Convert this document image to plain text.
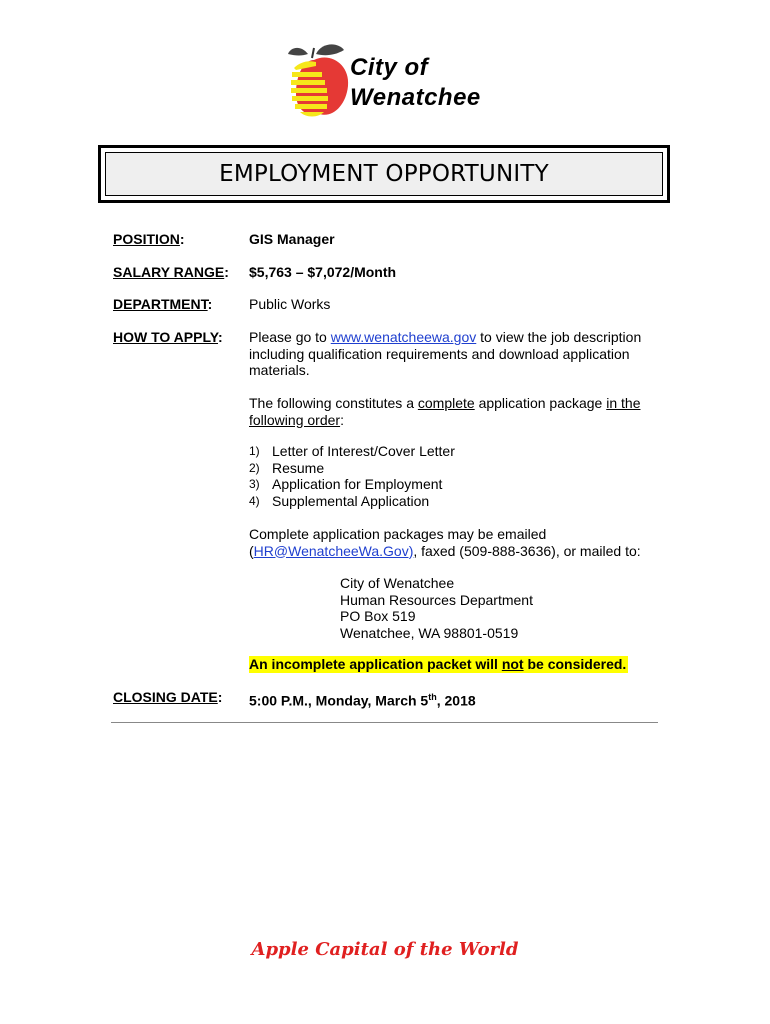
City of
Wenatchee
EMPLOYMENT OPPORTUNITY
POSITION:	GIS Manager
SALARY RANGE: $5,763 – $7,072/Month
DEPARTMENT:	Public Works
HOW TO APPLY: Please go to www.wenatcheewa.gov to view the job description
including qualification requirements and download application
materials.
The following constitutes a complete application package in the
following order:
1) Letter of Interest/Cover Letter
2) Resume
3) Application for Employment
4) Supplemental Application
Complete application packages may be emailed
(HR@WenatcheeWa.Gov), faxed (509-888-3636), or mailed to:
City of Wenatchee
Human Resources Department
PO Box 519
Wenatchee, WA 98801-0519
An incomplete application packet will not be considered.
CLOSING DATE: 5:00 P.M., Monday, March 5th, 2018
Apple Capital of the World
